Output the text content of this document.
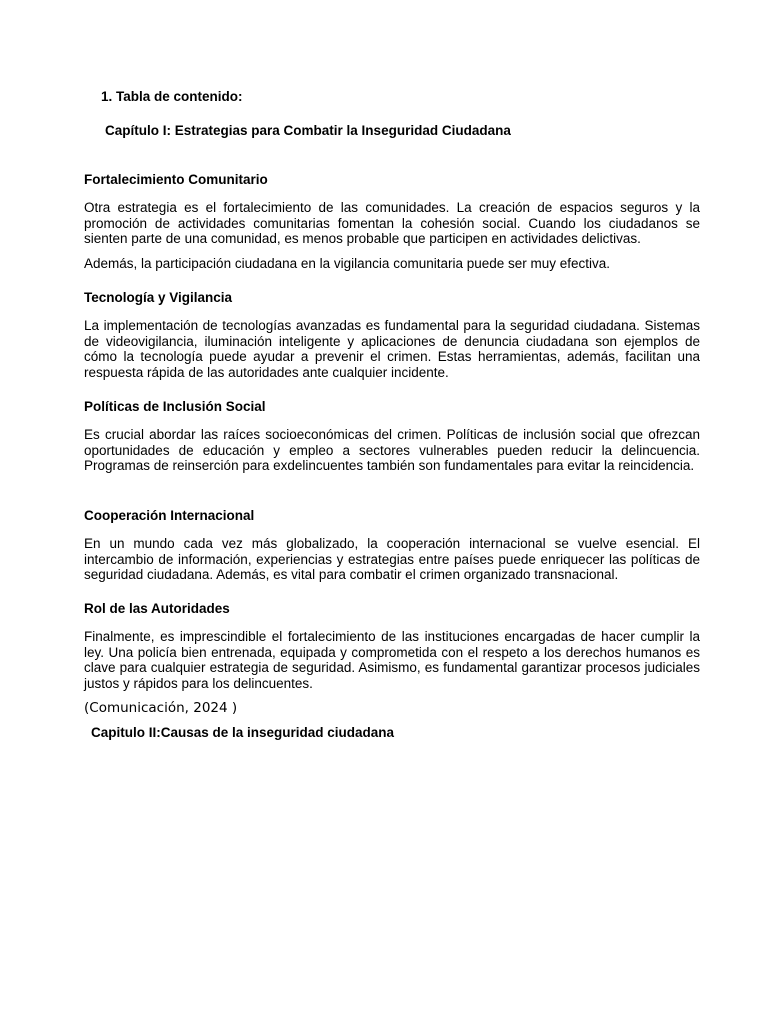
1. Tabla de contenido:
Capítulo I: Estrategias para Combatir la Inseguridad Ciudadana
Fortalecimiento Comunitario

Otra estrategia es el fortalecimiento de las comunidades. La creación de espacios seguros y la promoción de actividades comunitarias fomentan la cohesión social. Cuando los ciudadanos se sienten parte de una comunidad, es menos probable que participen en actividades delictivas.

Además, la participación ciudadana en la vigilancia comunitaria puede ser muy efectiva.

Tecnología y Vigilancia

La implementación de tecnologías avanzadas es fundamental para la seguridad ciudadana. Sistemas de videovigilancia, iluminación inteligente y aplicaciones de denuncia ciudadana son ejemplos de cómo la tecnología puede ayudar a prevenir el crimen. Estas herramientas, además, facilitan una respuesta rápida de las autoridades ante cualquier incidente.

Políticas de Inclusión Social

Es crucial abordar las raíces socioeconómicas del crimen. Políticas de inclusión social que ofrezcan oportunidades de educación y empleo a sectores vulnerables pueden reducir la delincuencia. Programas de reinserción para exdelincuentes también son fundamentales para evitar la reincidencia.

Cooperación Internacional

En un mundo cada vez más globalizado, la cooperación internacional se vuelve esencial. El intercambio de información, experiencias y estrategias entre países puede enriquecer las políticas de seguridad ciudadana. Además, es vital para combatir el crimen organizado transnacional.

Rol de las Autoridades

Finalmente, es imprescindible el fortalecimiento de las instituciones encargadas de hacer cumplir la ley. Una policía bien entrenada, equipada y comprometida con el respeto a los derechos humanos es clave para cualquier estrategia de seguridad. Asimismo, es fundamental garantizar procesos judiciales justos y rápidos para los delincuentes.

(Comunicación, 2024 )
Capitulo II:Causas de la inseguridad ciudadana
